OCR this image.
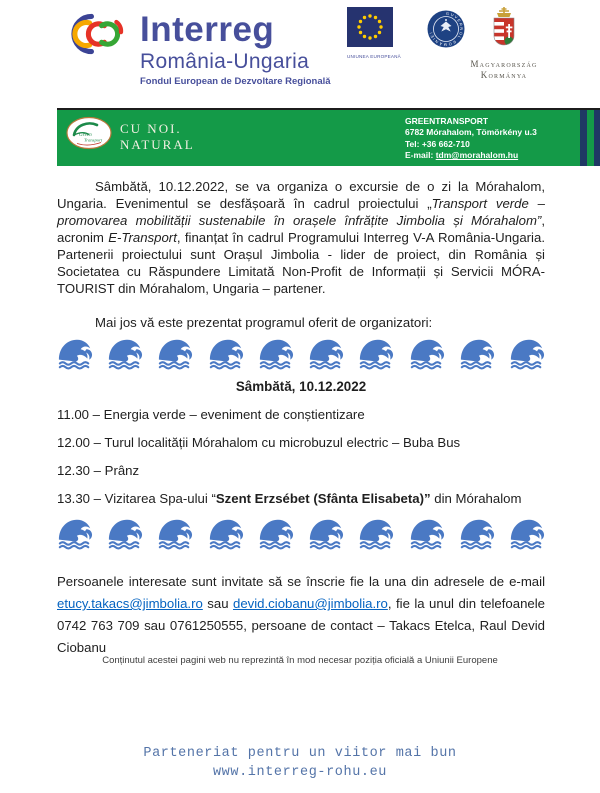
Interreg
România-Ungaria
Fondul European de Dezvoltare Regională
UNIUNEA EUROPEANĂ
GUVERNUL ROMÂNIEI
Magyarország
Kormánya
Green
Transport
CU NOI.
NATURAL
GREENTRANSPORT
6782 Mórahalom, Tömörkény u.3
Tel: +36 662-710
E-mail: tdm@morahalom.hu

Sâmbătă, 10.12.2022, se va organiza o excursie de o zi la Mórahalom, Ungaria. Evenimentul se desfășoară în cadrul proiectului „Transport verde – promovarea mobilității sustenabile în orașele înfrățite Jimbolia și Mórahalom”, acronim E-Transport, finanțat în cadrul Programului Interreg V-A România-Ungaria. Partenerii proiectului sunt Orașul Jimbolia - lider de proiect, din România și Societatea cu Răspundere Limitată Non-Profit de Informații și Servicii MÓRA-TOURIST din Mórahalom, Ungaria – partener.

Mai jos vă este prezentat programul oferit de organizatori:

Sâmbătă, 10.12.2022

11.00 – Energia verde – eveniment de conștientizare

12.00 – Turul localității Mórahalom cu microbuzul electric – Buba Bus

12.30 – Prânz

13.30 – Vizitarea Spa-ului “Szent Erzsébet (Sfânta Elisabeta)” din Mórahalom

Persoanele interesate sunt invitate să se înscrie fie la una din adresele de e-mail etucy.takacs@jimbolia.ro sau devid.ciobanu@jimbolia.ro, fie la unul din telefoanele 0742 763 709 sau 0761250555, persoane de contact – Takacs Etelca, Raul Devid Ciobanu

Conținutul acestei pagini web nu reprezintă în mod necesar poziția oficială a Uniunii Europene
Parteneriat pentru un viitor mai bun
www.interreg-rohu.eu
